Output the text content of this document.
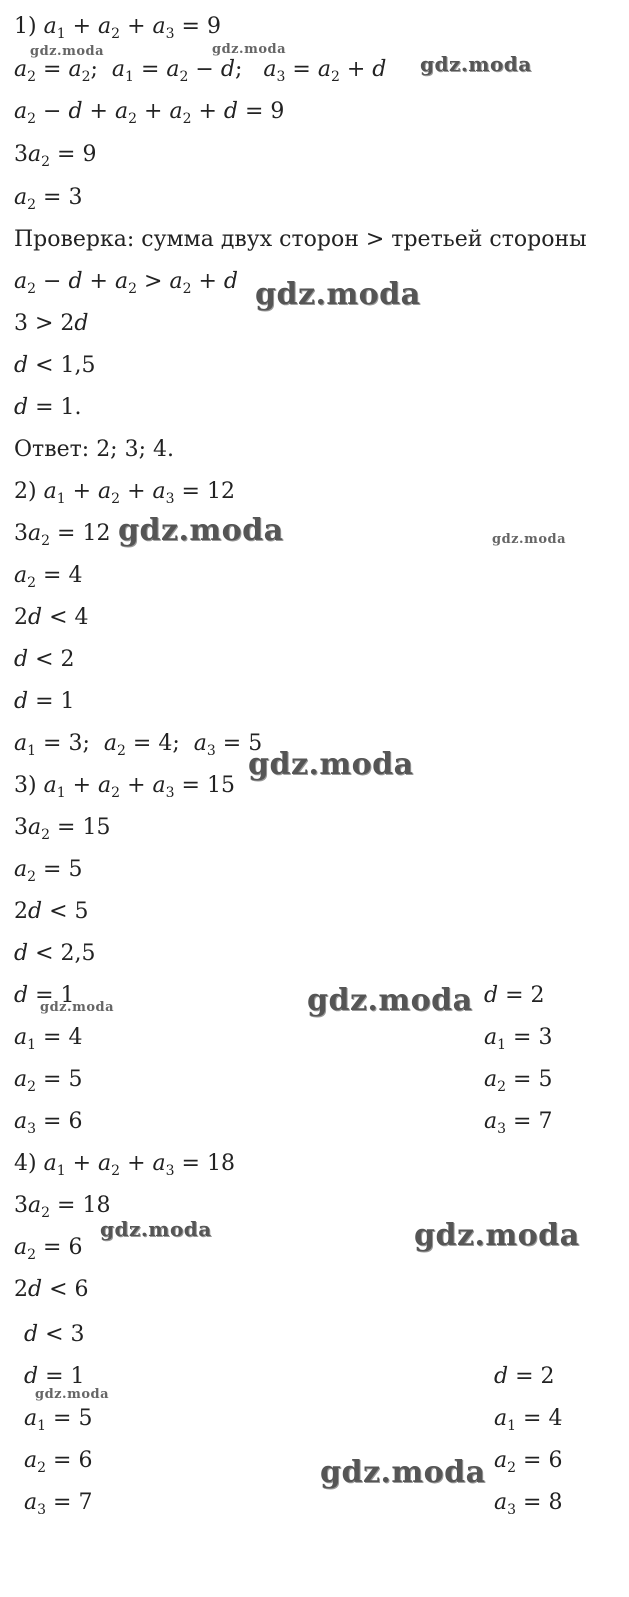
1) $a_1 + a_2 + a_3 = 9$
$a_2 = a_2$;  $a_1 = a_2 - d$;   $a_3 = a_2 + d$
$a_2 - d + a_2 + a_2 + d = 9$
$3a_2 = 9$
$a_2 = 3$
Проверка: сумма двух сторон > третьей стороны
$a_2 - d + a_2 > a_2 + d$
3 > 2d
d < 1,5
d = 1.
Ответ: 2; 3; 4.
2) $a_1 + a_2 + a_3 = 12$
$3a_2 = 12$
$a_2 = 4$
2d < 4
d < 2
d = 1
$a_1 = 3$;  $a_2 = 4$;  $a_3 = 5$
3) $a_1 + a_2 + a_3 = 15$
$3a_2 = 15$
$a_2 = 5$
2d < 5
d < 2,5
d = 1	d = 2
$a_1 = 4$	$a_1 = 3$
$a_2 = 5$	$a_2 = 5$
$a_3 = 6$	$a_3 = 7$
4) $a_1 + a_2 + a_3 = 18$
$3a_2 = 18$
$a_2 = 6$
2d < 6
d < 3
d = 1	d = 2
$a_1 = 5$	$a_1 = 4$
$a_2 = 6$	$a_2 = 6$
$a_3 = 7$	$a_3 = 8$
gdz.moda	gdz.moda
gdz.moda
gdz.moda
gdz.moda	gdz.moda
gdz.moda
gdz.moda
gdz.moda
gdz.moda	gdz.moda
gdz.moda
gdz.moda
